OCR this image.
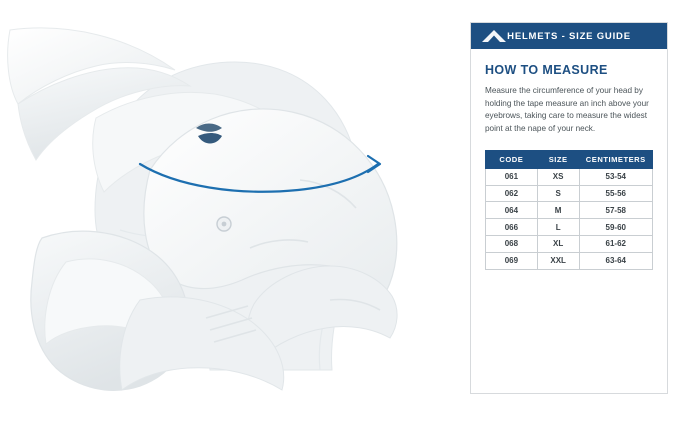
HELMETS - SIZE GUIDE
HOW TO MEASURE

Measure the circumference of your head by holding the tape measure an inch above your eyebrows, taking care to measure the widest point at the nape of your neck.

CODE	SIZE	CENTIMETERS
061	XS	53-54
062	S	55-56
064	M	57-58
066	L	59-60
068	XL	61-62
069	XXL	63-64
